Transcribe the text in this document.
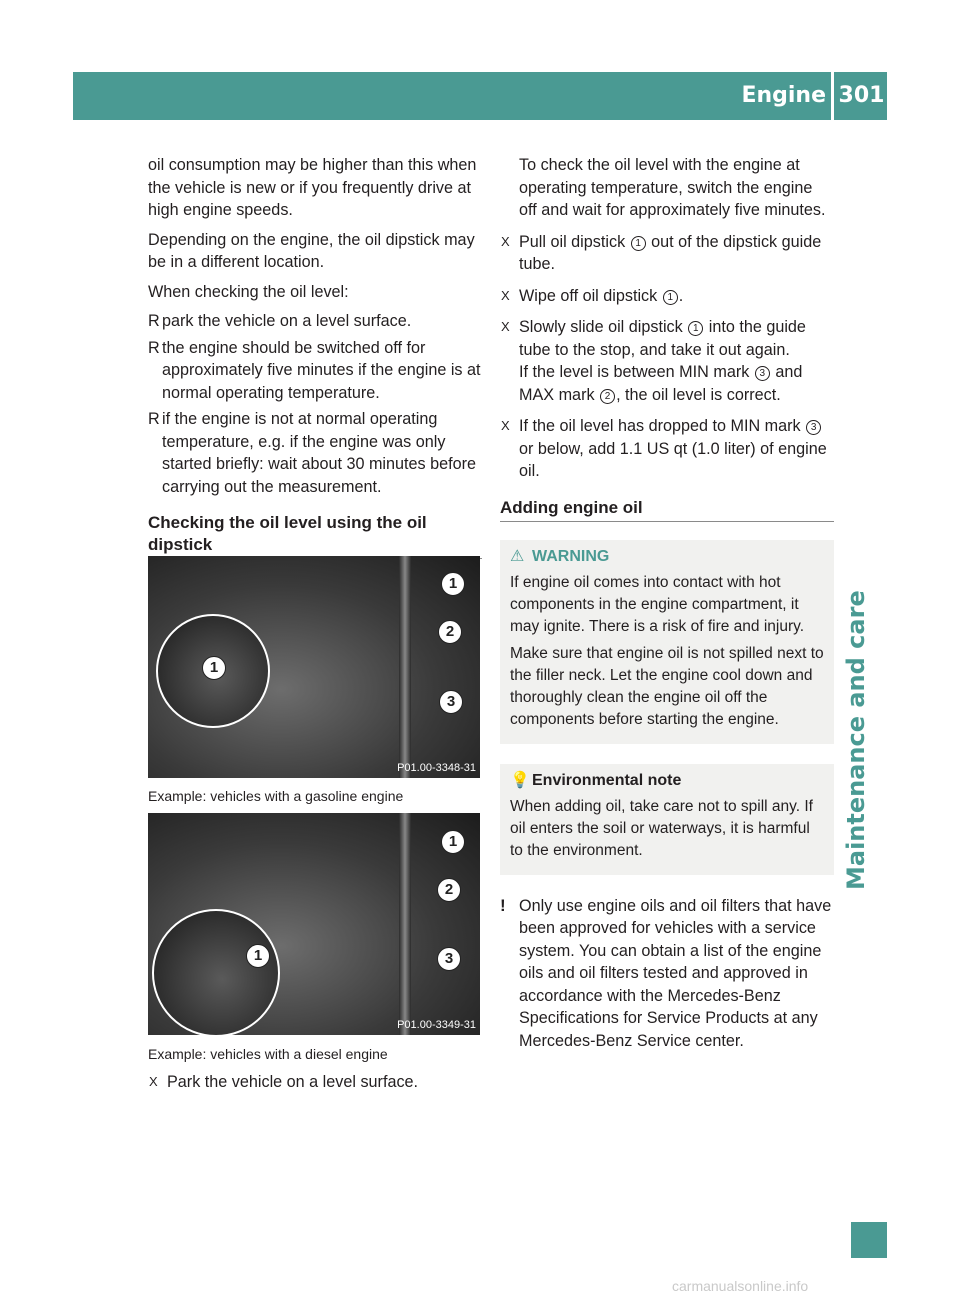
Engine compartment
301
Maintenance and care

oil consumption may be higher than this when the vehicle is new or if you frequently drive at high engine speeds.

Depending on the engine, the oil dipstick may be in a different location.

When checking the oil level:

R park the vehicle on a level surface.
R the engine should be switched off for approximately five minutes if the engine is at normal operating temperature.
R if the engine is not at normal operating temperature, e.g. if the engine was only started briefly: wait about 30 minutes before carrying out the measurement.
Checking the oil level using the oil dipstick
1
1
2
3
P01.00-3348-31
Example: vehicles with a gasoline engine
1
1
2
3
P01.00-3349-31
Example: vehicles with a diesel engine
X Park the vehicle on a level surface.
To check the oil level with the engine at operating temperature, switch the engine off and wait for approximately five minutes.
X Pull oil dipstick 1 out of the dipstick guide tube.
X Wipe off oil dipstick 1 .
X Slowly slide oil dipstick 1 into the guide tube to the stop, and take it out again.
If the level is between MIN mark 3 and MAX mark 2 , the oil level is correct.
X If the oil level has dropped to MIN mark 3 or below, add 1.1 US qt (1.0 liter) of engine oil.
Adding engine oil
⚠ WARNING

If engine oil comes into contact with hot components in the engine compartment, it may ignite. There is a risk of fire and injury.

Make sure that engine oil is not spilled next to the filler neck. Let the engine cool down and thoroughly clean the engine oil off the components before starting the engine.

💡 Environmental note

When adding oil, take care not to spill any. If oil enters the soil or waterways, it is harmful to the environment.

! Only use engine oils and oil filters that have been approved for vehicles with a service system. You can obtain a list of the engine oils and oil filters tested and approved in accordance with the Mercedes-Benz Specifications for Service Products at any Mercedes-Benz Service center.
carmanualsonline.info
